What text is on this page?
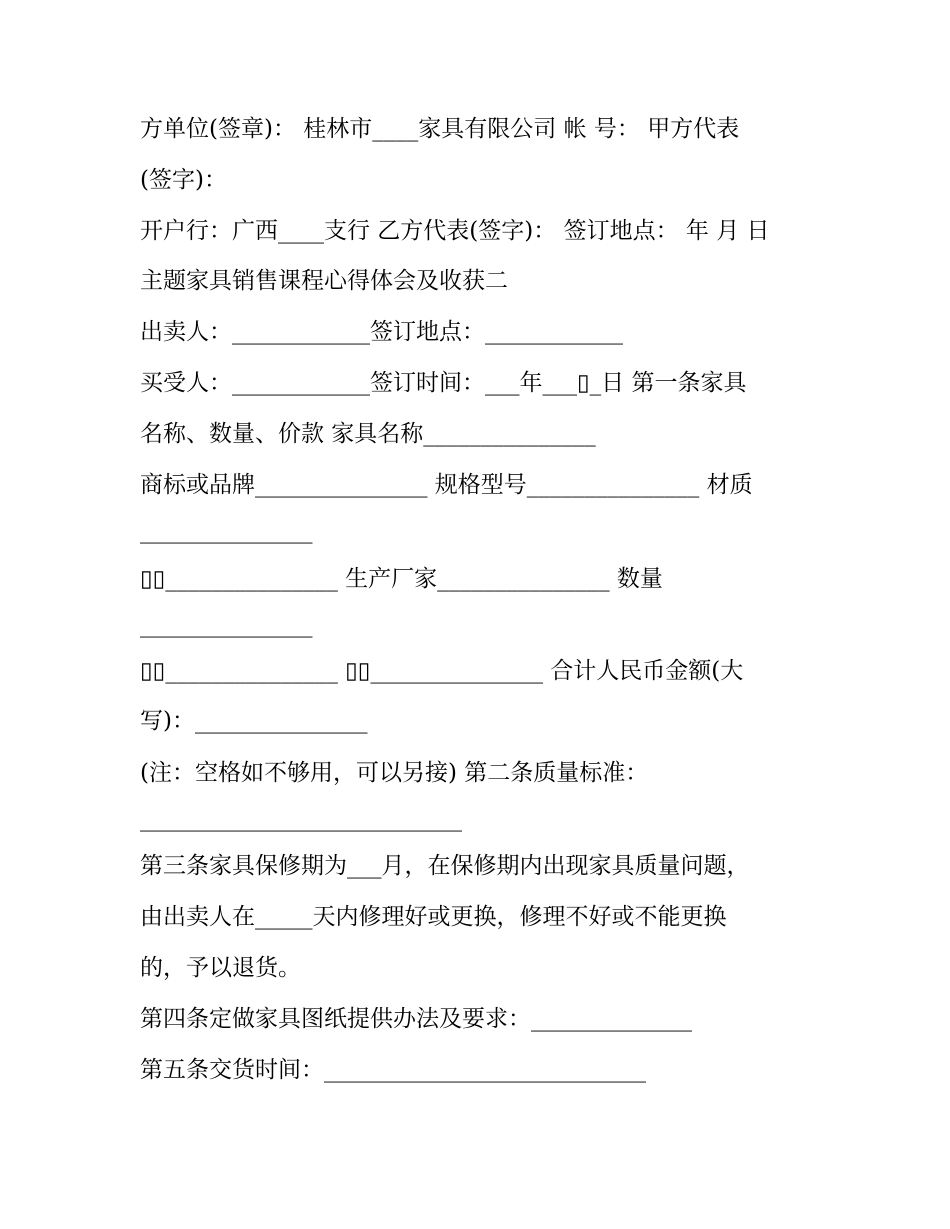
方单位(签章)： 桂林市____家具有限公司 帐 号： 甲方代表
(签字)：
开户行：广西____支行 乙方代表(签字)： 签订地点： 年 月 日
主题家具销售课程心得体会及收获二
出卖人：____________签订地点：____________
买受人：____________签订时间：___年___▯_日 第一条家具
名称、数量、价款 家具名称_______________
商标或品牌_______________ 规格型号_______________ 材质
_______________
▯▯_______________ 生产厂家_______________ 数量
_______________
▯▯_______________ ▯▯_______________ 合计人民币金额(大
写)：_______________
(注：空格如不够用，可以另接) 第二条质量标准：
____________________________
第三条家具保修期为___月，在保修期内出现家具质量问题，
由出卖人在_____天内修理好或更换，修理不好或不能更换
的，予以退货。
第四条定做家具图纸提供办法及要求：______________
第五条交货时间：____________________________
